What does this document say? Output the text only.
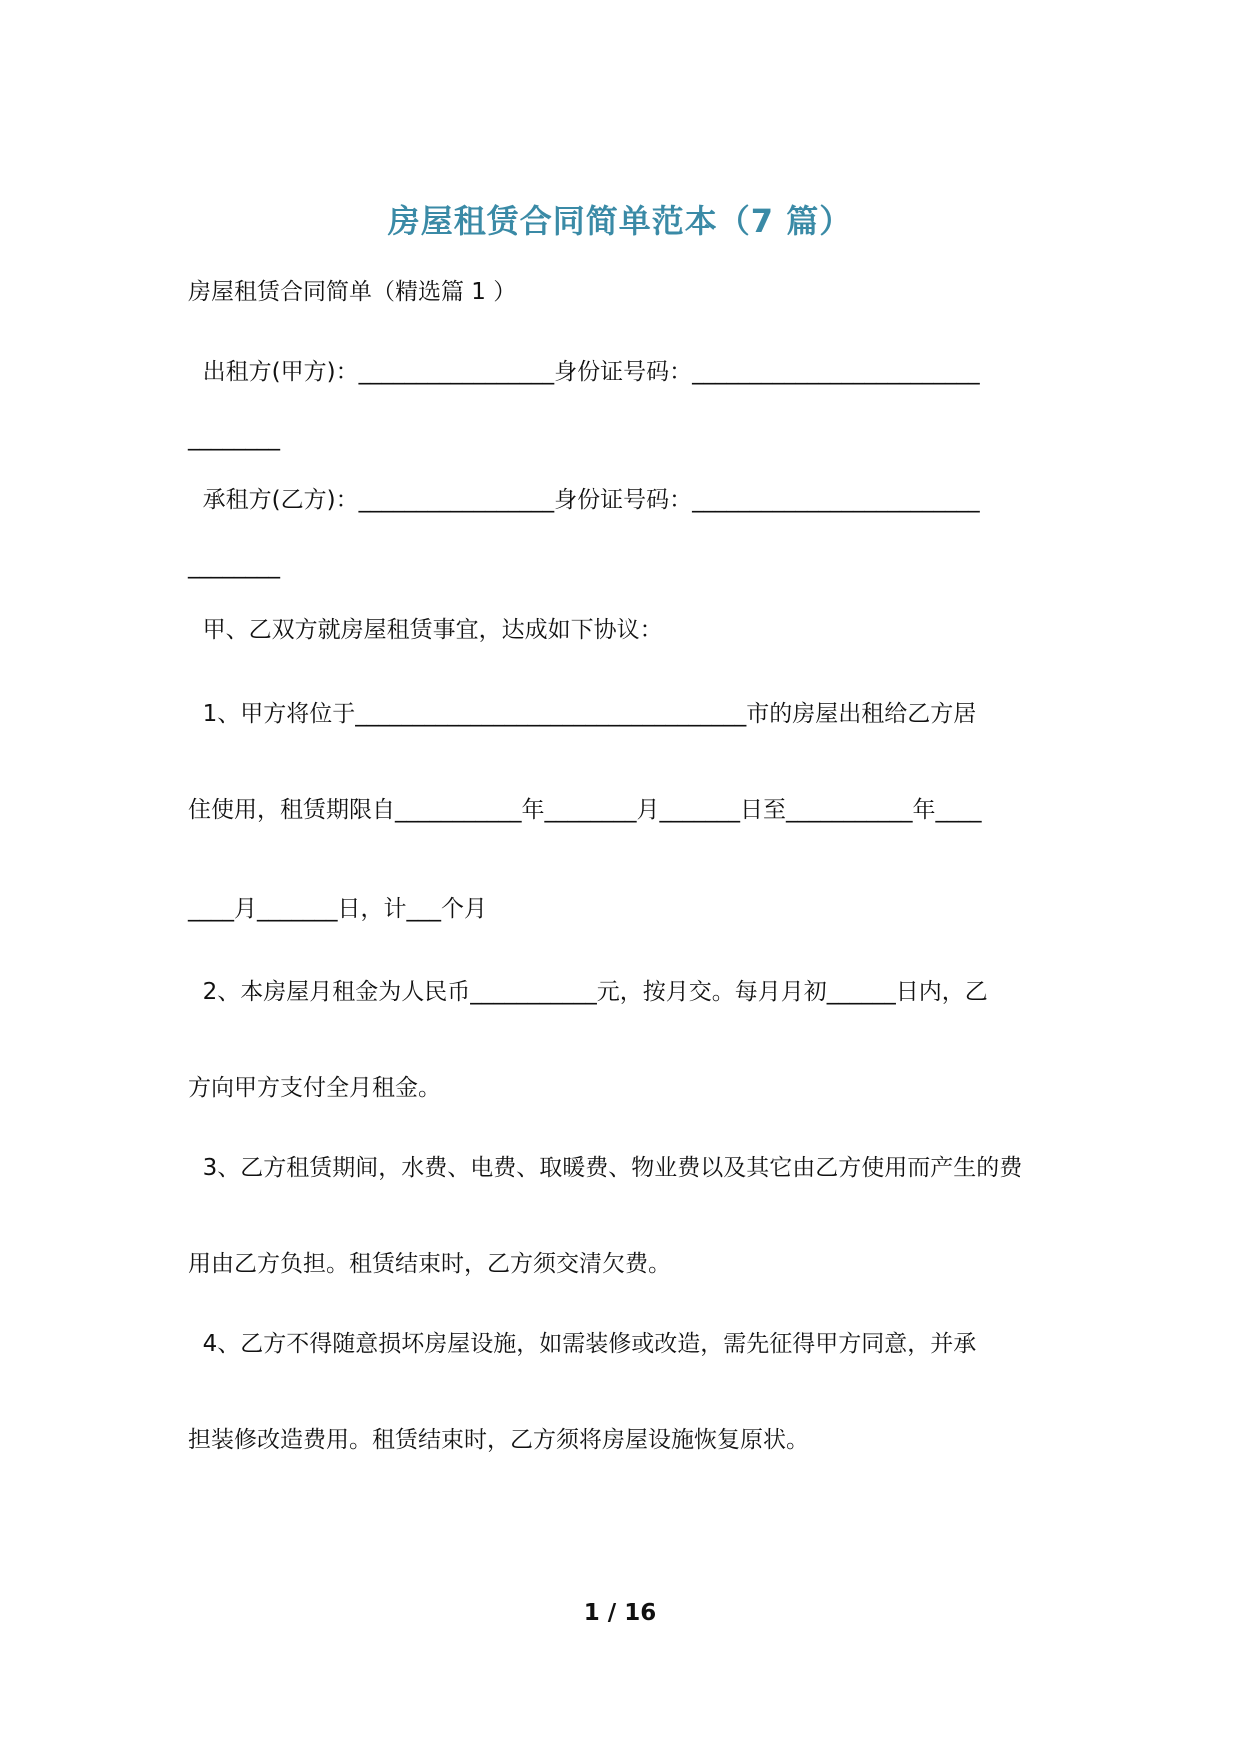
房屋租赁合同简单范本（7 篇）
房屋租赁合同简单（精选篇 1 ）
出租方(甲方)：_________________身份证号码：_________________________
________
承租方(乙方)：_________________身份证号码：_________________________
________
甲、乙双方就房屋租赁事宜，达成如下协议：
1、甲方将位于__________________________________市的房屋出租给乙方居
住使用，租赁期限自___________年________月_______日至___________年____
____月_______日，计___个月
2、本房屋月租金为人民币___________元，按月交。每月月初______日内，乙
方向甲方支付全月租金。
3、乙方租赁期间，水费、电费、取暖费、物业费以及其它由乙方使用而产生的费
用由乙方负担。租赁结束时，乙方须交清欠费。
4、乙方不得随意损坏房屋设施，如需装修或改造，需先征得甲方同意，并承
担装修改造费用。租赁结束时，乙方须将房屋设施恢复原状。
1 / 16
